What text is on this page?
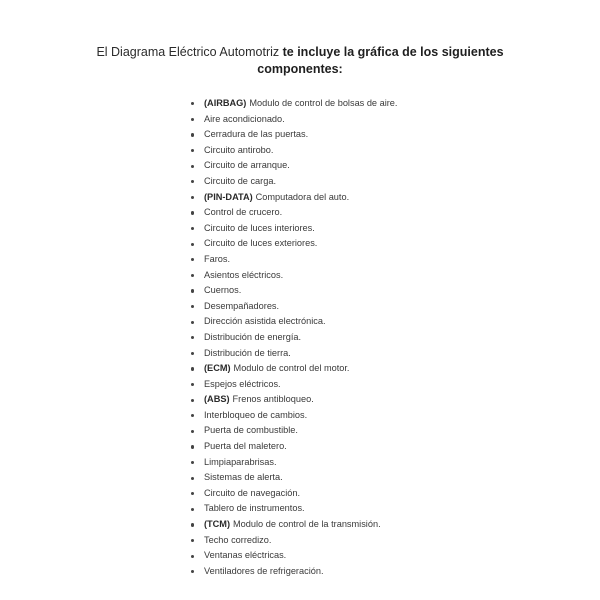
El Diagrama Eléctrico Automotriz te incluye la gráfica de los siguientes componentes:
(AIRBAG) Modulo de control de bolsas de aire.
Aire acondicionado.
Cerradura de las puertas.
Circuito antirobo.
Circuito de arranque.
Circuito de carga.
(PIN-DATA) Computadora del auto.
Control de crucero.
Circuito de luces interiores.
Circuito de luces exteriores.
Faros.
Asientos eléctricos.
Cuernos.
Desempañadores.
Dirección asistida electrónica.
Distribución de energía.
Distribución de tierra.
(ECM) Modulo de control del motor.
Espejos eléctricos.
(ABS) Frenos antibloqueo.
Interbloqueo de cambios.
Puerta de combustible.
Puerta del maletero.
Limpiaparabrisas.
Sistemas de alerta.
Circuito de navegación.
Tablero de instrumentos.
(TCM) Modulo de control de la transmisión.
Techo corredizo.
Ventanas eléctricas.
Ventiladores de refrigeración.
